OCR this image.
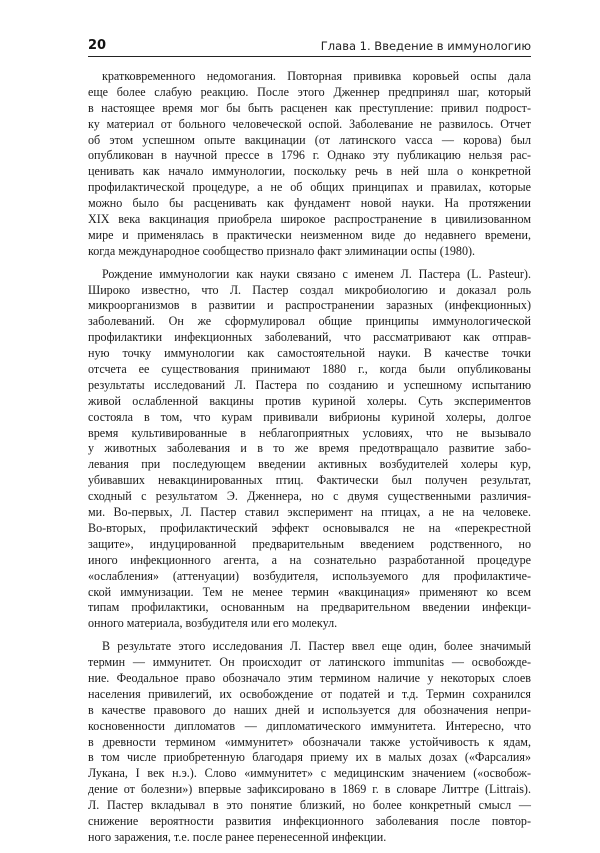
20	Глава 1. Введение в иммунологию
кратковременного недомогания. Повторная прививка коровьей оспы дала
еще более слабую реакцию. После этого Дженнер предпринял шаг, который
в настоящее время мог бы быть расценен как преступление: привил подрост-
ку материал от больного человеческой оспой. Заболевание не развилось. Отчет
об этом успешном опыте вакцинации (от латинского vacca — корова) был
опубликован в научной прессе в 1796 г. Однако эту публикацию нельзя рас-
ценивать как начало иммунологии, поскольку речь в ней шла о конкретной
профилактической процедуре, а не об общих принципах и правилах, которые
можно было бы расценивать как фундамент новой науки. На протяжении
XIX века вакцинация приобрела широкое распространение в цивилизованном
мире и применялась в практически неизменном виде до недавнего времени,
когда международное сообщество признало факт элиминации оспы (1980).
Рождение иммунологии как науки связано с именем Л. Пастера (L. Pasteur).
Широко известно, что Л. Пастер создал микробиологию и доказал роль
микроорганизмов в развитии и распространении заразных (инфекционных)
заболеваний. Он же сформулировал общие принципы иммунологической
профилактики инфекционных заболеваний, что рассматривают как отправ-
ную точку иммунологии как самостоятельной науки. В качестве точки
отсчета ее существования принимают 1880 г., когда были опубликованы
результаты исследований Л. Пастера по созданию и успешному испытанию
живой ослабленной вакцины против куриной холеры. Суть экспериментов
состояла в том, что курам прививали вибрионы куриной холеры, долгое
время культивированные в неблагоприятных условиях, что не вызывало
у животных заболевания и в то же время предотвращало развитие забо-
левания при последующем введении активных возбудителей холеры кур,
убивавших невакцинированных птиц. Фактически был получен результат,
сходный с результатом Э. Дженнера, но с двумя существенными различия-
ми. Во-первых, Л. Пастер ставил эксперимент на птицах, а не на человеке.
Во-вторых, профилактический эффект основывался не на «перекрестной
защите», индуцированной предварительным введением родственного, но
иного инфекционного агента, а на сознательно разработанной процедуре
«ослабления» (аттенуации) возбудителя, используемого для профилактиче-
ской иммунизации. Тем не менее термин «вакцинация» применяют ко всем
типам профилактики, основанным на предварительном введении инфекци-
онного материала, возбудителя или его молекул.
В результате этого исследования Л. Пастер ввел еще один, более значимый
термин — иммунитет. Он происходит от латинского immunitas — освобожде-
ние. Феодальное право обозначало этим термином наличие у некоторых слоев
населения привилегий, их освобождение от податей и т.д. Термин сохранился
в качестве правового до наших дней и используется для обозначения непри-
косновенности дипломатов — дипломатического иммунитета. Интересно, что
в древности термином «иммунитет» обозначали также устойчивость к ядам,
в том числе приобретенную благодаря приему их в малых дозах («Фарсалия»
Лукана, I век н.э.). Слово «иммунитет» с медицинским значением («освобож-
дение от болезни») впервые зафиксировано в 1869 г. в словаре Литтре (Littrais).
Л. Пастер вкладывал в это понятие близкий, но более конкретный смысл —
снижение вероятности развития инфекционного заболевания после повтор-
ного заражения, т.е. после ранее перенесенной инфекции.
